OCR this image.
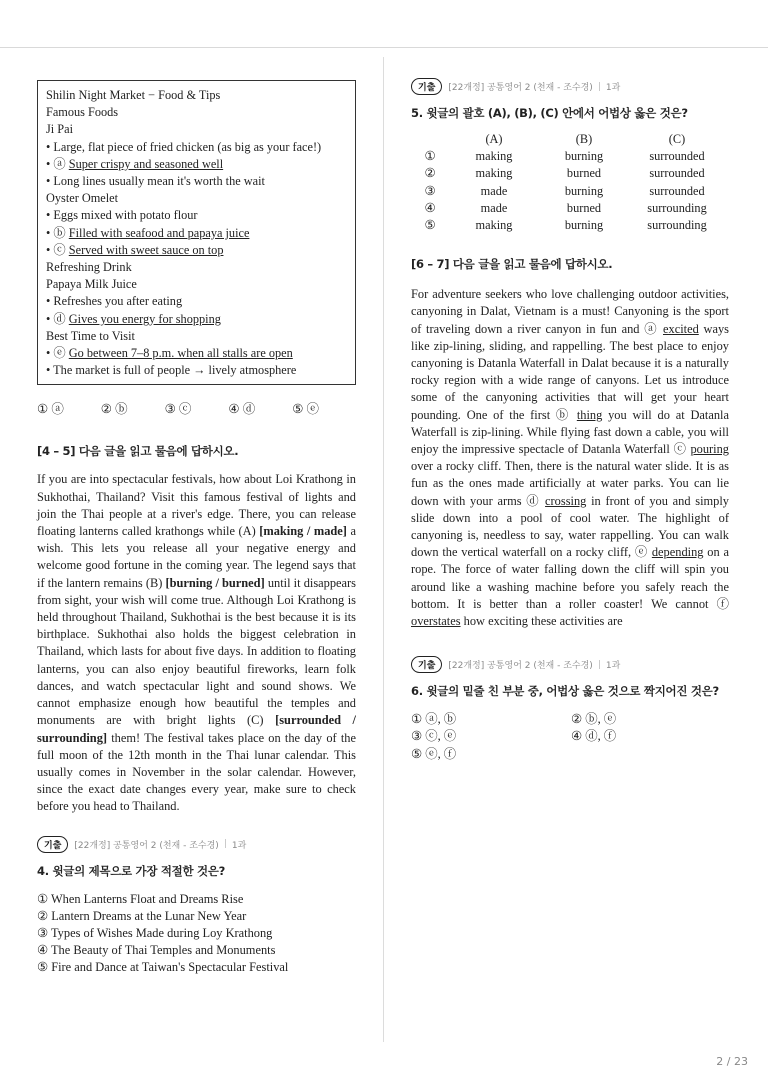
Shilin Night Market − Food & Tips
Famous Foods
Ji Pai
• Large, flat piece of fried chicken (as big as your face!)
• ⓐ Super crispy and seasoned well
• Long lines usually mean it's worth the wait
Oyster Omelet
• Eggs mixed with potato flour
• ⓑ Filled with seafood and papaya juice
• ⓒ Served with sweet sauce on top
Refreshing Drink
Papaya Milk Juice
• Refreshes you after eating
• ⓓ Gives you energy for shopping
Best Time to Visit
• ⓔ Go between 7–8 p.m. when all stalls are open
• The market is full of people → lively atmosphere
① ⓐ	② ⓑ	③ ⓒ	④ ⓓ	⑤ ⓔ
[4 – 5] 다음 글을 읽고 물음에 답하시오.
If you are into spectacular festivals, how about Loi Krathong in Sukhothai, Thailand? Visit this famous festival of lights and join the Thai people at a river's edge. There, you can release floating lanterns called krathongs while (A) [making / made] a wish. This lets you release all your negative energy and welcome good fortune in the coming year. The legend says that if the lantern remains (B) [burning / burned] until it disappears from sight, your wish will come true. Although Loi Krathong is held throughout Thailand, Sukhothai is the best because it is its birthplace. Sukhothai also holds the biggest celebration in Thailand, which lasts for about five days. In addition to floating lanterns, you can also enjoy beautiful fireworks, learn folk dances, and watch spectacular light and sound shows. We cannot emphasize enough how beautiful the temples and monuments are with bright lights (C) [surrounded / surrounding] them! The festival takes place on the day of the full moon of the 12th month in the Thai lunar calendar. This usually comes in November in the solar calendar. However, since the exact date changes every year, make sure to check before you head to Thailand.
기출	[22개정] 공통영어 2 (천재 - 조수경) | 1과
4. 윗글의 제목으로 가장 적절한 것은?
① When Lanterns Float and Dreams Rise
② Lantern Dreams at the Lunar New Year
③ Types of Wishes Made during Loy Krathong
④ The Beauty of Thai Temples and Monuments
⑤ Fire and Dance at Taiwan's Spectacular Festival
기출	[22개정] 공통영어 2 (천재 - 조수경) | 1과
5. 윗글의 괄호 (A), (B), (C) 안에서 어법상 옳은 것은?
	(A)	(B)	(C)
①	making	burning	surrounded
②	making	burned	surrounded
③	made	burning	surrounded
④	made	burned	surrounding
⑤	making	burning	surrounding
[6 – 7] 다음 글을 읽고 물음에 답하시오.
For adventure seekers who love challenging outdoor activities, canyoning in Dalat, Vietnam is a must! Canyoning is the sport of traveling down a river canyon in fun and ⓐ excited ways like zip-lining, sliding, and rappelling. The best place to enjoy canyoning is Datanla Waterfall in Dalat because it is a naturally rocky region with a wide range of canyons. Let us introduce some of the canyoning activities that will get your heart pounding. One of the first ⓑ thing you will do at Datanla Waterfall is zip-lining. While flying fast down a cable, you will enjoy the impressive spectacle of Datanla Waterfall ⓒ pouring over a rocky cliff. Then, there is the natural water slide. It is as fun as the ones made artificially at water parks. You can lie down with your arms ⓓ crossing in front of you and simply slide down into a pool of cool water. The highlight of canyoning is, needless to say, water rappelling. You can walk down the vertical waterfall on a rocky cliff, ⓔ depending on a rope. The force of water falling down the cliff will spin you around like a washing machine before you safely reach the bottom. It is better than a roller coaster! We cannot ⓕ overstates how exciting these activities are
기출	[22개정] 공통영어 2 (천재 - 조수경) | 1과
6. 윗글의 밑줄 친 부분 중, 어법상 옳은 것으로 짝지어진 것은?
① ⓐ, ⓑ	② ⓑ, ⓔ
③ ⓒ, ⓔ	④ ⓓ, ⓕ
⑤ ⓔ, ⓕ
2 / 23
